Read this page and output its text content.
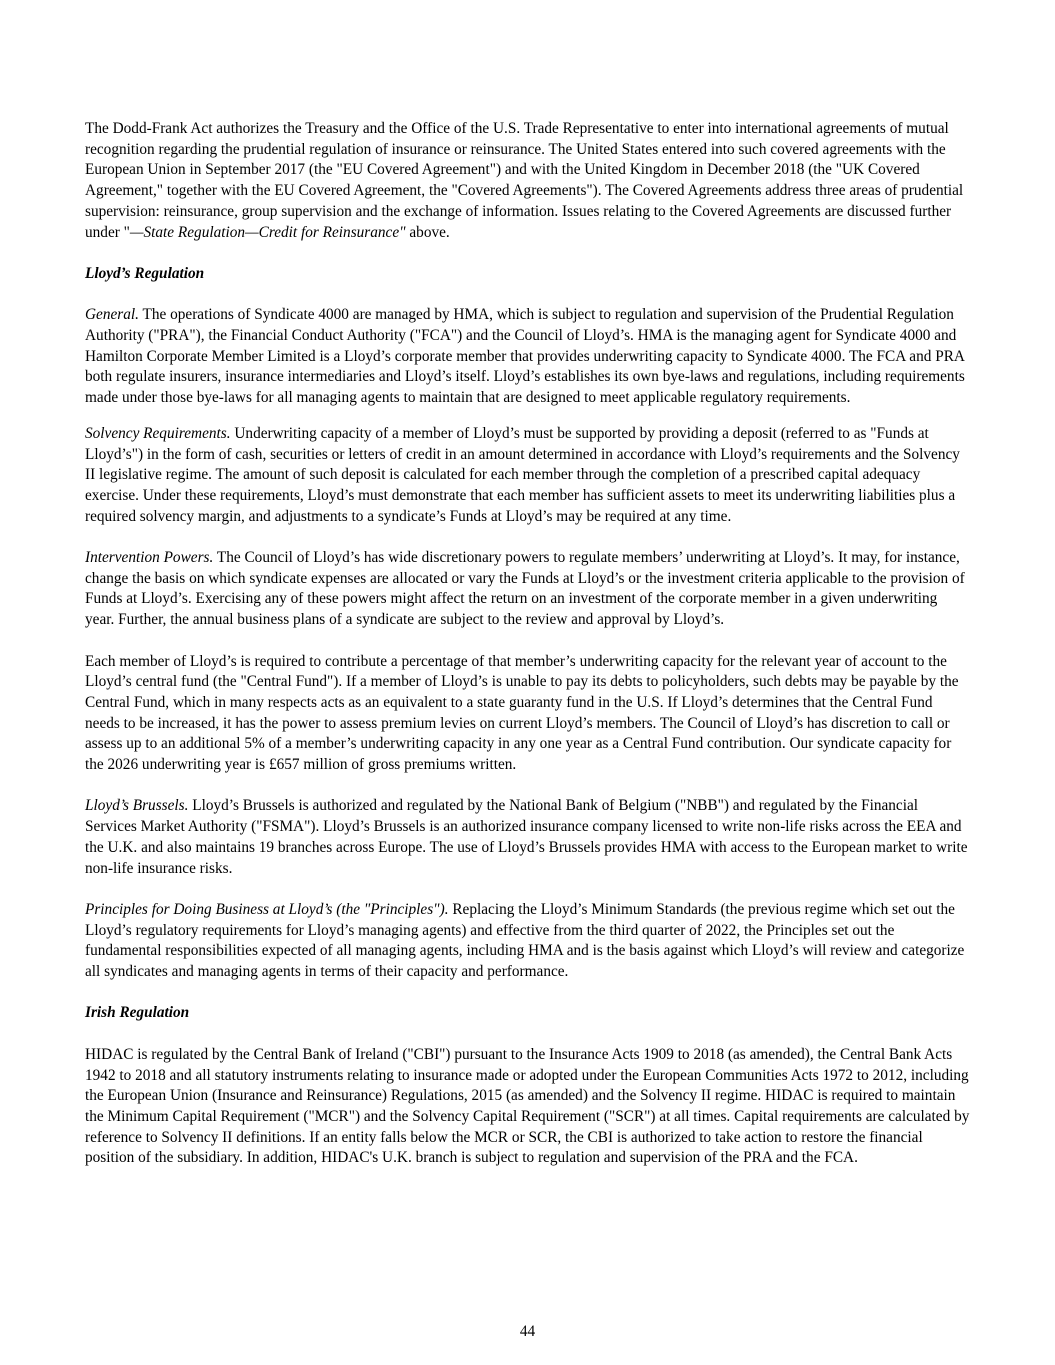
The Dodd-Frank Act authorizes the Treasury and the Office of the U.S. Trade Representative to enter into international agreements of mutual recognition regarding the prudential regulation of insurance or reinsurance. The United States entered into such covered agreements with the European Union in September 2017 (the "EU Covered Agreement") and with the United Kingdom in December 2018 (the "UK Covered Agreement," together with the EU Covered Agreement, the "Covered Agreements"). The Covered Agreements address three areas of prudential supervision: reinsurance, group supervision and the exchange of information. Issues relating to the Covered Agreements are discussed further under "—State Regulation—Credit for Reinsurance" above.

Lloyd’s Regulation

General. The operations of Syndicate 4000 are managed by HMA, which is subject to regulation and supervision of the Prudential Regulation Authority ("PRA"), the Financial Conduct Authority ("FCA") and the Council of Lloyd’s. HMA is the managing agent for Syndicate 4000 and Hamilton Corporate Member Limited is a Lloyd’s corporate member that provides underwriting capacity to Syndicate 4000. The FCA and PRA both regulate insurers, insurance intermediaries and Lloyd’s itself. Lloyd’s establishes its own bye-laws and regulations, including requirements made under those bye-laws for all managing agents to maintain that are designed to meet applicable regulatory requirements.

Solvency Requirements. Underwriting capacity of a member of Lloyd’s must be supported by providing a deposit (referred to as "Funds at Lloyd’s") in the form of cash, securities or letters of credit in an amount determined in accordance with Lloyd’s requirements and the Solvency II legislative regime. The amount of such deposit is calculated for each member through the completion of a prescribed capital adequacy exercise. Under these requirements, Lloyd’s must demonstrate that each member has sufficient assets to meet its underwriting liabilities plus a required solvency margin, and adjustments to a syndicate’s Funds at Lloyd’s may be required at any time.

Intervention Powers. The Council of Lloyd’s has wide discretionary powers to regulate members’ underwriting at Lloyd’s. It may, for instance, change the basis on which syndicate expenses are allocated or vary the Funds at Lloyd’s or the investment criteria applicable to the provision of Funds at Lloyd’s. Exercising any of these powers might affect the return on an investment of the corporate member in a given underwriting year. Further, the annual business plans of a syndicate are subject to the review and approval by Lloyd’s.

Each member of Lloyd’s is required to contribute a percentage of that member’s underwriting capacity for the relevant year of account to the Lloyd’s central fund (the "Central Fund"). If a member of Lloyd’s is unable to pay its debts to policyholders, such debts may be payable by the Central Fund, which in many respects acts as an equivalent to a state guaranty fund in the U.S. If Lloyd’s determines that the Central Fund needs to be increased, it has the power to assess premium levies on current Lloyd’s members. The Council of Lloyd’s has discretion to call or assess up to an additional 5% of a member’s underwriting capacity in any one year as a Central Fund contribution. Our syndicate capacity for the 2026 underwriting year is £657 million of gross premiums written.

Lloyd’s Brussels. Lloyd’s Brussels is authorized and regulated by the National Bank of Belgium ("NBB") and regulated by the Financial Services Market Authority ("FSMA"). Lloyd’s Brussels is an authorized insurance company licensed to write non-life risks across the EEA and the U.K. and also maintains 19 branches across Europe. The use of Lloyd’s Brussels provides HMA with access to the European market to write non-life insurance risks.

Principles for Doing Business at Lloyd’s (the "Principles"). Replacing the Lloyd’s Minimum Standards (the previous regime which set out the Lloyd’s regulatory requirements for Lloyd’s managing agents) and effective from the third quarter of 2022, the Principles set out the fundamental responsibilities expected of all managing agents, including HMA and is the basis against which Lloyd’s will review and categorize all syndicates and managing agents in terms of their capacity and performance.

Irish Regulation

HIDAC is regulated by the Central Bank of Ireland ("CBI") pursuant to the Insurance Acts 1909 to 2018 (as amended), the Central Bank Acts 1942 to 2018 and all statutory instruments relating to insurance made or adopted under the European Communities Acts 1972 to 2012, including the European Union (Insurance and Reinsurance) Regulations, 2015 (as amended) and the Solvency II regime. HIDAC is required to maintain the Minimum Capital Requirement ("MCR") and the Solvency Capital Requirement ("SCR") at all times. Capital requirements are calculated by reference to Solvency II definitions. If an entity falls below the MCR or SCR, the CBI is authorized to take action to restore the financial position of the subsidiary. In addition, HIDAC's U.K. branch is subject to regulation and supervision of the PRA and the FCA.

44
